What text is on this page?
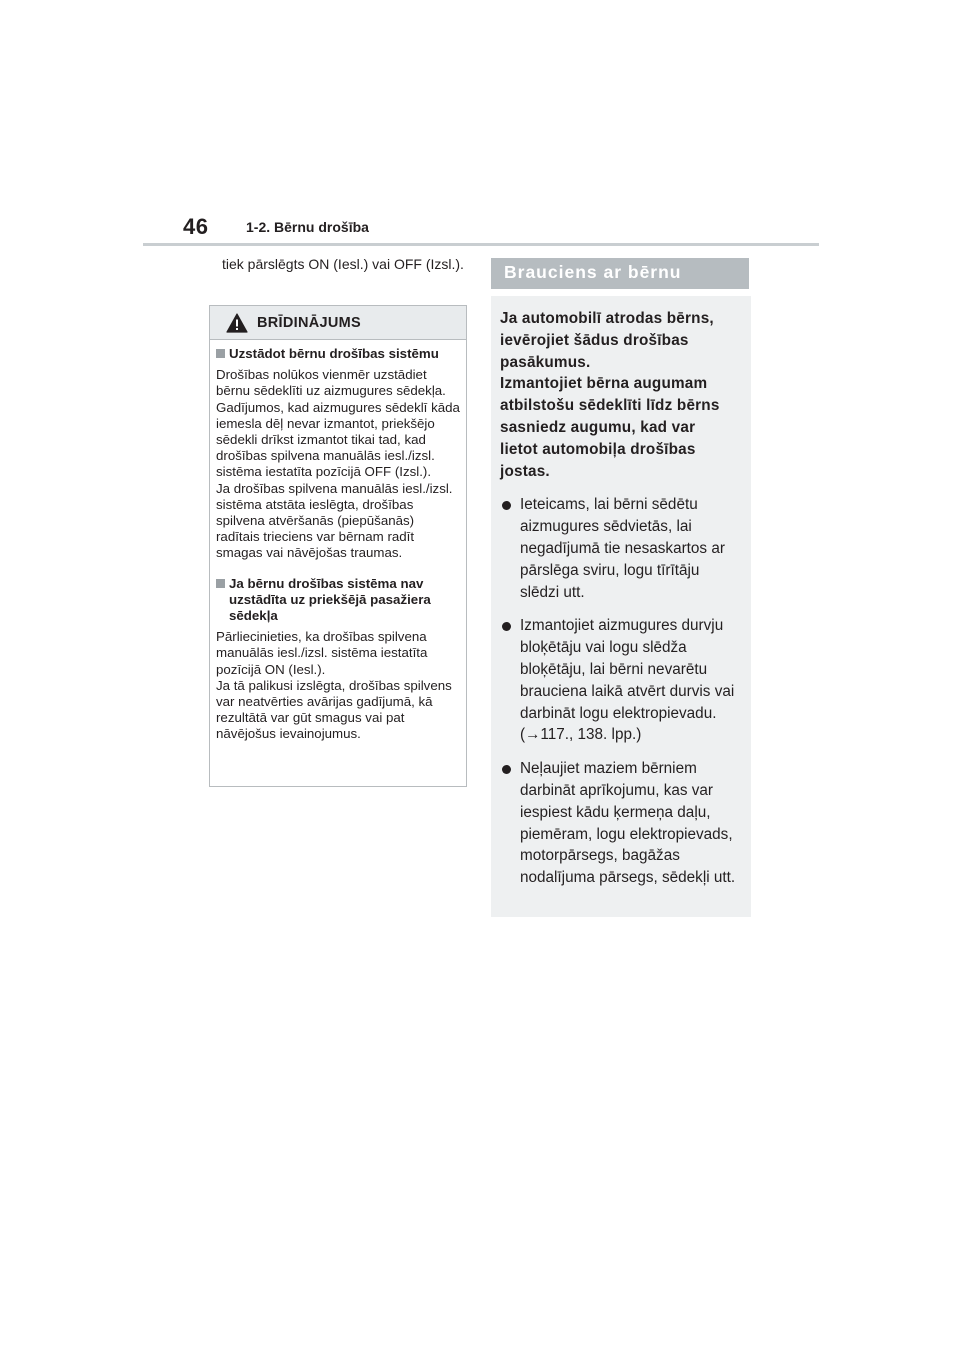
46	1-2. Bērnu drošība
tiek pārslēgts ON (Iesl.) vai OFF (Izsl.).
BRĪDINĀJUMS
Uzstādot bērnu drošības sistēmu

Drošības nolūkos vienmēr uzstādiet bērnu sēdeklīti uz aizmugures sēdekļa. Gadījumos, kad aizmugures sēdeklī kāda iemesla dēļ nevar izmantot, priekšējo sēdekli drīkst izmantot tikai tad, kad drošības spilvena manuālās iesl./izsl. sistēma iestatīta pozīcijā OFF (Izsl.).

Ja drošības spilvena manuālās iesl./izsl. sistēma atstāta ieslēgta, drošības spilvena atvēršanās (piepūšanās) radītais trieciens var bērnam radīt smagas vai nāvējošas traumas.

Ja bērnu drošības sistēma nav uzstādīta uz priekšējā pasažiera sēdekļa

Pārliecinieties, ka drošības spilvena manuālās iesl./izsl. sistēma iestatīta pozīcijā ON (Iesl.).

Ja tā palikusi izslēgta, drošības spilvens var neatvērties avārijas gadījumā, kā rezultātā var gūt smagus vai pat nāvējošus ievainojumus.

Brauciens ar bērnu
Ja automobilī atrodas bērns, ievērojiet šādus drošības pasākumus.
Izmantojiet bērna augumam atbilstošu sēdeklīti līdz bērns sasniedz augumu, kad var lietot automobiļa drošības jostas.
Ieteicams, lai bērni sēdētu aizmugures sēdvietās, lai negadījumā tie nesaskartos ar pārslēga sviru, logu tīrītāju slēdzi utt.
Izmantojiet aizmugures durvju bloķētāju vai logu slēdža bloķētāju, lai bērni nevarētu brauciena laikā atvērt durvis vai darbināt logu elektropievadu. (→117., 138. lpp.)
Neļaujiet maziem bērniem darbināt aprīkojumu, kas var iespiest kādu ķermeņa daļu, piemēram, logu elektropievads, motorpārsegs, bagāžas nodalījuma pārsegs, sēdekļi utt.
